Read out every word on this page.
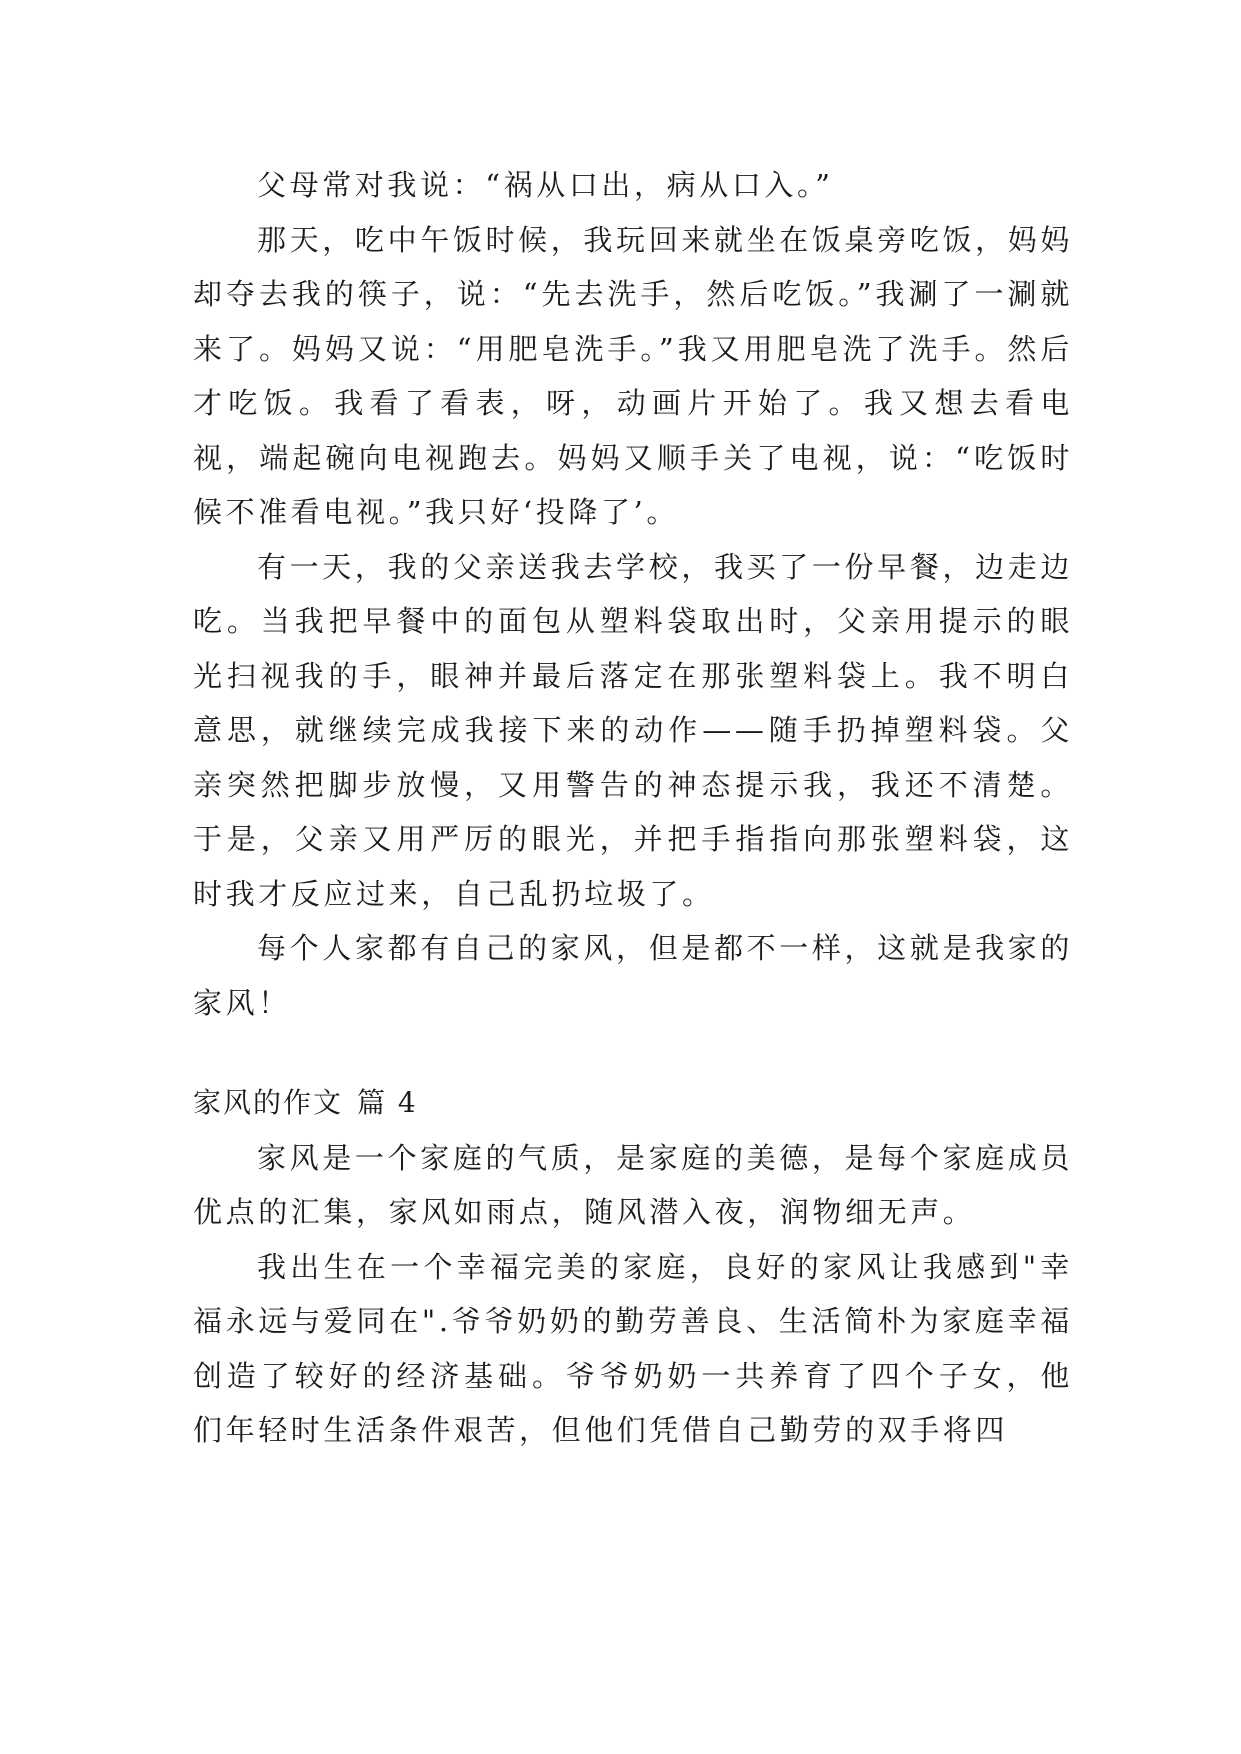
父母常对我说：“祸从口出，病从口入。”

那天，吃中午饭时候，我玩回来就坐在饭桌旁吃饭，妈妈却夺去我的筷子，说：“先去洗手，然后吃饭。”我涮了一涮就来了。妈妈又说：“用肥皂洗手。”我又用肥皂洗了洗手。然后才吃饭。我看了看表，呀，动画片开始了。我又想去看电视，端起碗向电视跑去。妈妈又顺手关了电视，说：“吃饭时候不准看电视。”我只好‘投降了’。

有一天，我的父亲送我去学校，我买了一份早餐，边走边吃。当我把早餐中的面包从塑料袋取出时，父亲用提示的眼光扫视我的手，眼神并最后落定在那张塑料袋上。我不明白意思，就继续完成我接下来的动作——随手扔掉塑料袋。父亲突然把脚步放慢，又用警告的神态提示我，我还不清楚。于是，父亲又用严厉的眼光，并把手指指向那张塑料袋，这时我才反应过来，自己乱扔垃圾了。

每个人家都有自己的家风，但是都不一样，这就是我家的家风！

家风的作文 篇 4

家风是一个家庭的气质，是家庭的美德，是每个家庭成员优点的汇集，家风如雨点，随风潜入夜，润物细无声。

我出生在一个幸福完美的家庭，良好的家风让我感到"幸福永远与爱同在".爷爷奶奶的勤劳善良、生活简朴为家庭幸福创造了较好的经济基础。爷爷奶奶一共养育了四个子女，他们年轻时生活条件艰苦，但他们凭借自己勤劳的双手将四
